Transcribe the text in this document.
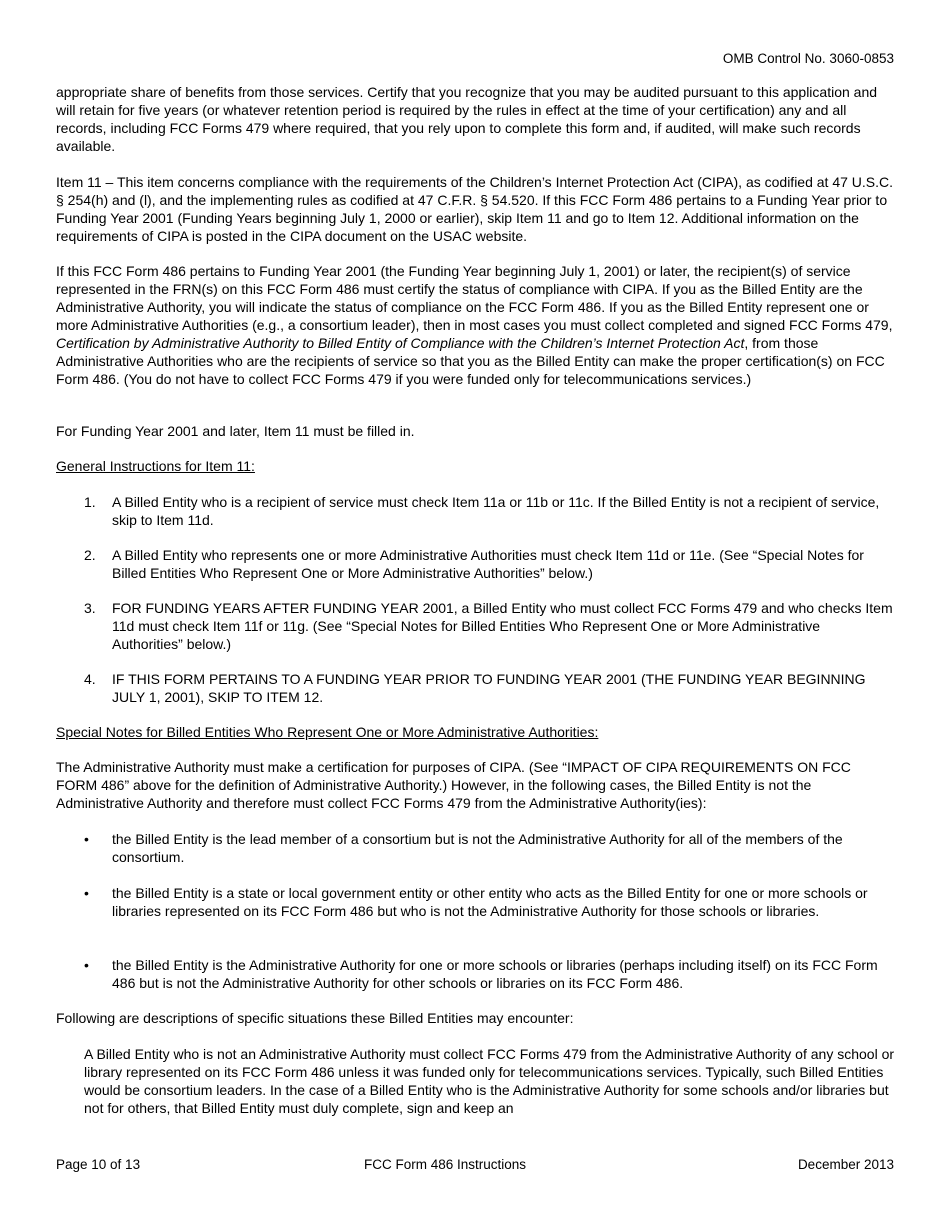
OMB Control No. 3060-0853

appropriate share of benefits from those services. Certify that you recognize that you may be audited pursuant to this application and will retain for five years (or whatever retention period is required by the rules in effect at the time of your certification) any and all records, including FCC Forms 479 where required, that you rely upon to complete this form and, if audited, will make such records available.

Item 11 – This item concerns compliance with the requirements of the Children’s Internet Protection Act (CIPA), as codified at 47 U.S.C. § 254(h) and (l), and the implementing rules as codified at 47 C.F.R. § 54.520. If this FCC Form 486 pertains to a Funding Year prior to Funding Year 2001 (Funding Years beginning July 1, 2000 or earlier), skip Item 11 and go to Item 12. Additional information on the requirements of CIPA is posted in the CIPA document on the USAC website.

If this FCC Form 486 pertains to Funding Year 2001 (the Funding Year beginning July 1, 2001) or later, the recipient(s) of service represented in the FRN(s) on this FCC Form 486 must certify the status of compliance with CIPA. If you as the Billed Entity are the Administrative Authority, you will indicate the status of compliance on the FCC Form 486. If you as the Billed Entity represent one or more Administrative Authorities (e.g., a consortium leader), then in most cases you must collect completed and signed FCC Forms 479, Certification by Administrative Authority to Billed Entity of Compliance with the Children’s Internet Protection Act, from those Administrative Authorities who are the recipients of service so that you as the Billed Entity can make the proper certification(s) on FCC Form 486. (You do not have to collect FCC Forms 479 if you were funded only for telecommunications services.)

For Funding Year 2001 and later, Item 11 must be filled in.

General Instructions for Item 11:

1.	A Billed Entity who is a recipient of service must check Item 11a or 11b or 11c. If the Billed Entity is not a recipient of service, skip to Item 11d.
2.	A Billed Entity who represents one or more Administrative Authorities must check Item 11d or 11e. (See “Special Notes for Billed Entities Who Represent One or More Administrative Authorities” below.)
3.	FOR FUNDING YEARS AFTER FUNDING YEAR 2001, a Billed Entity who must collect FCC Forms 479 and who checks Item 11d must check Item 11f or 11g. (See “Special Notes for Billed Entities Who Represent One or More Administrative Authorities” below.)
4.	IF THIS FORM PERTAINS TO A FUNDING YEAR PRIOR TO FUNDING YEAR 2001 (THE FUNDING YEAR BEGINNING JULY 1, 2001), SKIP TO ITEM 12.

Special Notes for Billed Entities Who Represent One or More Administrative Authorities:

The Administrative Authority must make a certification for purposes of CIPA. (See “IMPACT OF CIPA REQUIREMENTS ON FCC FORM 486” above for the definition of Administrative Authority.) However, in the following cases, the Billed Entity is not the Administrative Authority and therefore must collect FCC Forms 479 from the Administrative Authority(ies):

• the Billed Entity is the lead member of a consortium but is not the Administrative Authority for all of the members of the consortium.
• the Billed Entity is a state or local government entity or other entity who acts as the Billed Entity for one or more schools or libraries represented on its FCC Form 486 but who is not the Administrative Authority for those schools or libraries.
• the Billed Entity is the Administrative Authority for one or more schools or libraries (perhaps including itself) on its FCC Form 486 but is not the Administrative Authority for other schools or libraries on its FCC Form 486.

Following are descriptions of specific situations these Billed Entities may encounter:

A Billed Entity who is not an Administrative Authority must collect FCC Forms 479 from the Administrative Authority of any school or library represented on its FCC Form 486 unless it was funded only for telecommunications services. Typically, such Billed Entities would be consortium leaders. In the case of a Billed Entity who is the Administrative Authority for some schools and/or libraries but not for others, that Billed Entity must duly complete, sign and keep an

Page 10 of 13	FCC Form 486 Instructions	December 2013
